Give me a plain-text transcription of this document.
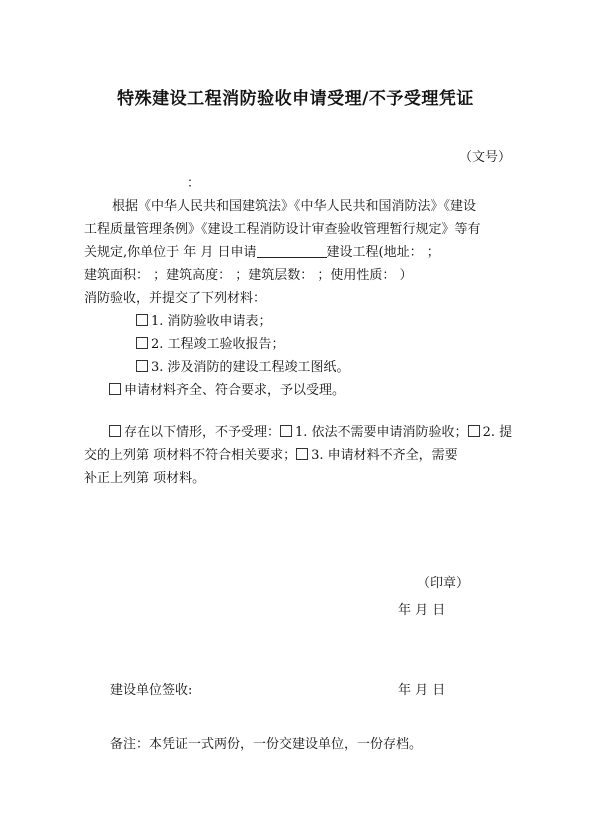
特殊建设工程消防验收申请受理/不予受理凭证
（文号）
：
根据《中华人民共和国建筑法》《中华人民共和国消防法》《建设
工程质量管理条例》《建设工程消防设计审查验收管理暂行规定》等有
关规定,你单位于 年 月 日申请	建设工程(地址： ；
建筑面积： ；建筑高度： ；建筑层数： ；使用性质： ）
消防验收，并提交了下列材料：
1. 消防验收申请表；
2. 工程竣工验收报告；
3. 涉及消防的建设工程竣工图纸。
申请材料齐全、符合要求，予以受理。
存在以下情形，不予受理： 1. 依法不需要申请消防验收； 2. 提
交的上列第 项材料不符合相关要求； 3. 申请材料不齐全，需要
补正上列第 项材料。
（印章）
年 月 日
建设单位签收:	年 月 日
备注：本凭证一式两份，一份交建设单位，一份存档。
